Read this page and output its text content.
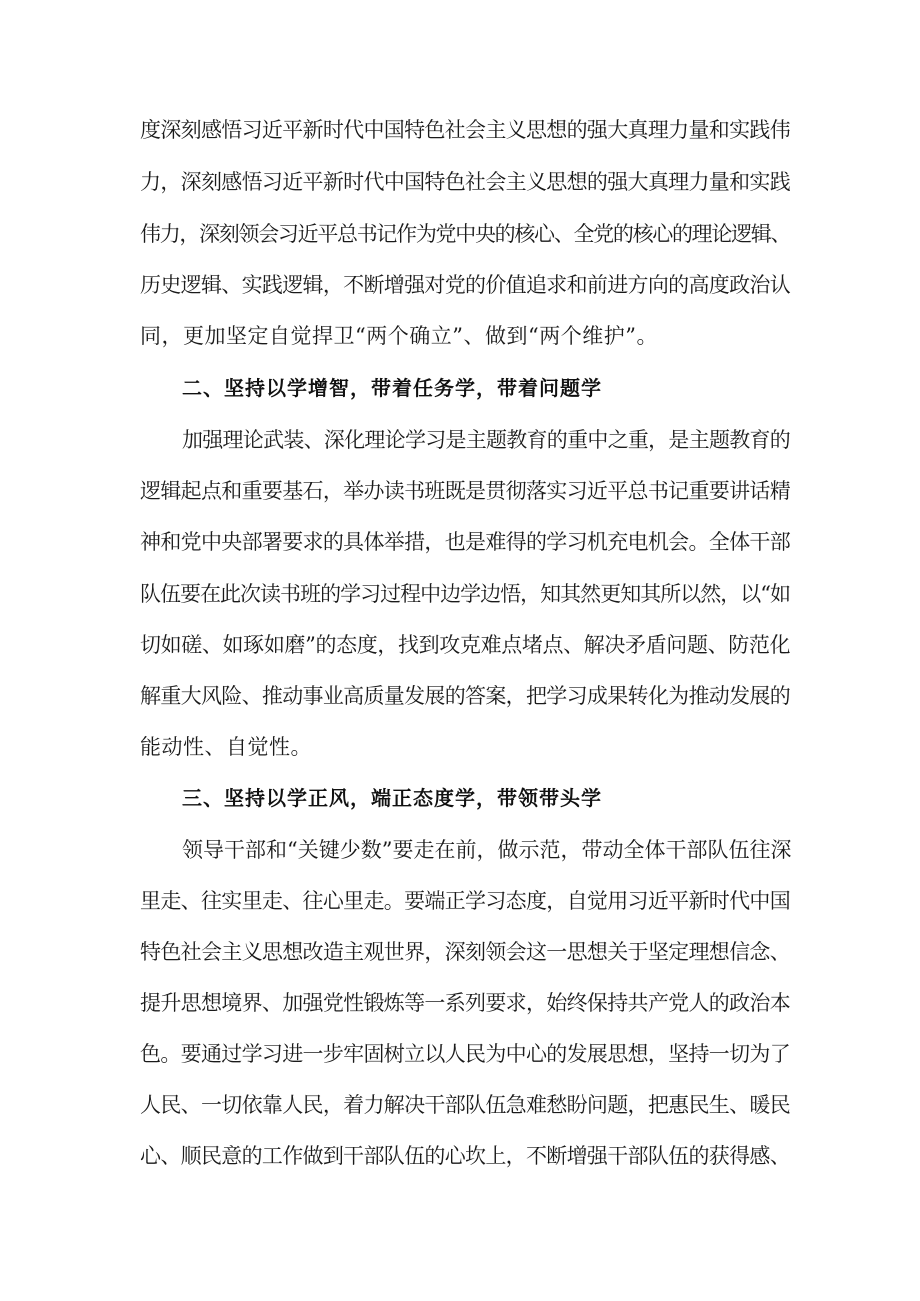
度深刻感悟习近平新时代中国特色社会主义思想的强大真理力量和实践伟
力，深刻感悟习近平新时代中国特色社会主义思想的强大真理力量和实践
伟力，深刻领会习近平总书记作为党中央的核心、全党的核心的理论逻辑、
历史逻辑、实践逻辑，不断增强对党的价值追求和前进方向的高度政治认
同，更加坚定自觉捍卫“两个确立”、做到“两个维护”。
二、坚持以学增智，带着任务学，带着问题学
加强理论武装、深化理论学习是主题教育的重中之重，是主题教育的
逻辑起点和重要基石，举办读书班既是贯彻落实习近平总书记重要讲话精
神和党中央部署要求的具体举措，也是难得的学习机充电机会。全体干部
队伍要在此次读书班的学习过程中边学边悟，知其然更知其所以然，以“如
切如磋、如琢如磨”的态度，找到攻克难点堵点、解决矛盾问题、防范化
解重大风险、推动事业高质量发展的答案，把学习成果转化为推动发展的
能动性、自觉性。
三、坚持以学正风，端正态度学，带领带头学
领导干部和“关键少数”要走在前，做示范，带动全体干部队伍往深
里走、往实里走、往心里走。要端正学习态度，自觉用习近平新时代中国
特色社会主义思想改造主观世界，深刻领会这一思想关于坚定理想信念、
提升思想境界、加强党性锻炼等一系列要求，始终保持共产党人的政治本
色。要通过学习进一步牢固树立以人民为中心的发展思想，坚持一切为了
人民、一切依靠人民，着力解决干部队伍急难愁盼问题，把惠民生、暖民
心、顺民意的工作做到干部队伍的心坎上，不断增强干部队伍的获得感、
